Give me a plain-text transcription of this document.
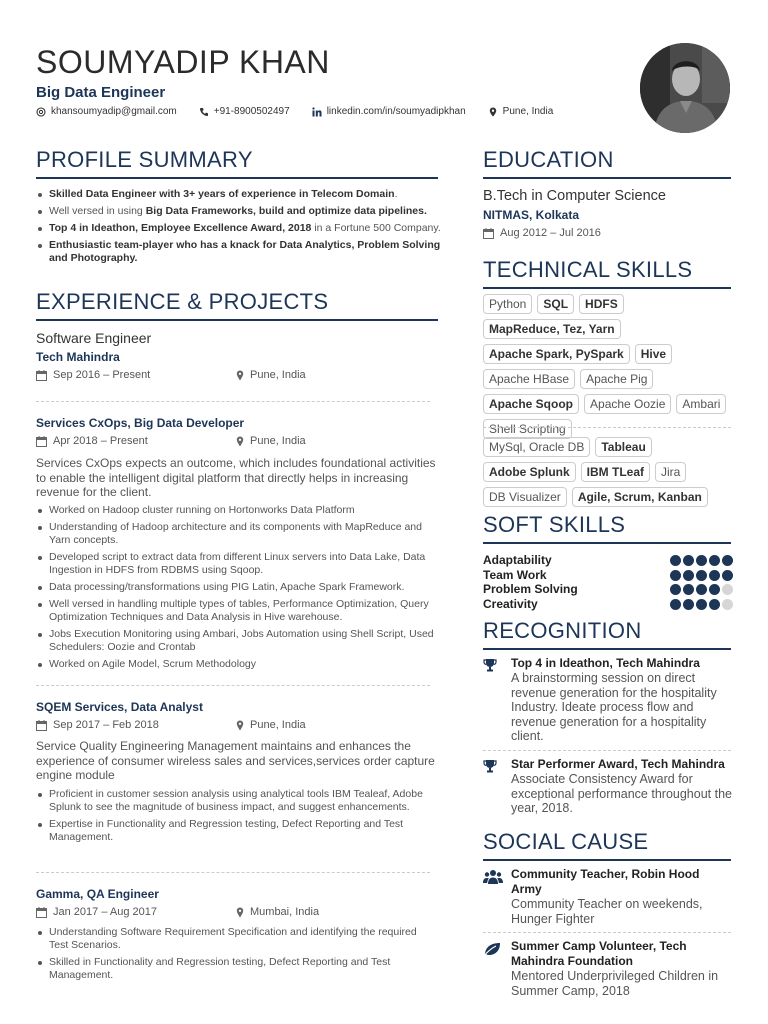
SOUMYADIP KHAN
Big Data Engineer
khansoumyadip@gmail.com	+91-8900502497	linkedin.com/in/soumyadipkhan	Pune, India
PROFILE SUMMARY
Skilled Data Engineer with 3+ years of experience in Telecom Domain.
Well versed in using Big Data Frameworks, build and optimize data pipelines.
Top 4 in Ideathon, Employee Excellence Award, 2018 in a Fortune 500 Company.
Enthusiastic team-player who has a knack for Data Analytics, Problem Solving and Photography.
EXPERIENCE & PROJECTS
Software Engineer
Tech Mahindra
Sep 2016 – Present	Pune, India
Services CxOps, Big Data Developer
Apr 2018 – Present	Pune, India

Services CxOps expects an outcome, which includes foundational activities to enable the intelligent digital platform that directly helps in increasing revenue for the client.

Worked on Hadoop cluster running on Hortonworks Data Platform
Understanding of Hadoop architecture and its components with MapReduce and Yarn concepts.
Developed script to extract data from different Linux servers into Data Lake, Data Ingestion in HDFS from RDBMS using Sqoop.
Data processing/transformations using PIG Latin, Apache Spark Framework.
Well versed in handling multiple types of tables, Performance Optimization, Query Optimization Techniques and Data Analysis in Hive warehouse.
Jobs Execution Monitoring using Ambari, Jobs Automation using Shell Script, Used Schedulers: Oozie and Crontab
Worked on Agile Model, Scrum Methodology
SQEM Services, Data Analyst
Sep 2017 – Feb 2018	Pune, India

Service Quality Engineering Management maintains and enhances the experience of consumer wireless sales and services,services order capture engine module

Proficient in customer session analysis using analytical tools IBM Tealeaf, Adobe Splunk to see the magnitude of business impact, and suggest enhancements.
Expertise in Functionality and Regression testing, Defect Reporting and Test Management.
Gamma, QA Engineer
Jan 2017 – Aug 2017	Mumbai, India
Understanding Software Requirement Specification and identifying the required Test Scenarios.
Skilled in Functionality and Regression testing, Defect Reporting and Test Management.
EDUCATION
B.Tech in Computer Science
NITMAS, Kolkata
Aug 2012 – Jul 2016
TECHNICAL SKILLS
Python	SQL	HDFS
MapReduce, Tez, Yarn
Apache Spark, PySpark	Hive
Apache HBase	Apache Pig
Apache Sqoop	Apache Oozie	Ambari
Shell Scripting
MySql, Oracle DB	Tableau
Adobe Splunk	IBM TLeaf	Jira
DB Visualizer	Agile, Scrum, Kanban
SOFT SKILLS
Adaptability
Team Work
Problem Solving
Creativity
RECOGNITION

Top 4 in Ideathon, Tech Mahindra

A brainstorming session on direct revenue generation for the hospitality Industry. Ideate process flow and revenue generation for a hospitality client.

Star Performer Award, Tech Mahindra

Associate Consistency Award for exceptional performance throughout the year, 2018.

SOCIAL CAUSE

Community Teacher, Robin Hood Army

Community Teacher on weekends, Hunger Fighter

Summer Camp Volunteer, Tech Mahindra Foundation

Mentored Underprivileged Children in Summer Camp, 2018
